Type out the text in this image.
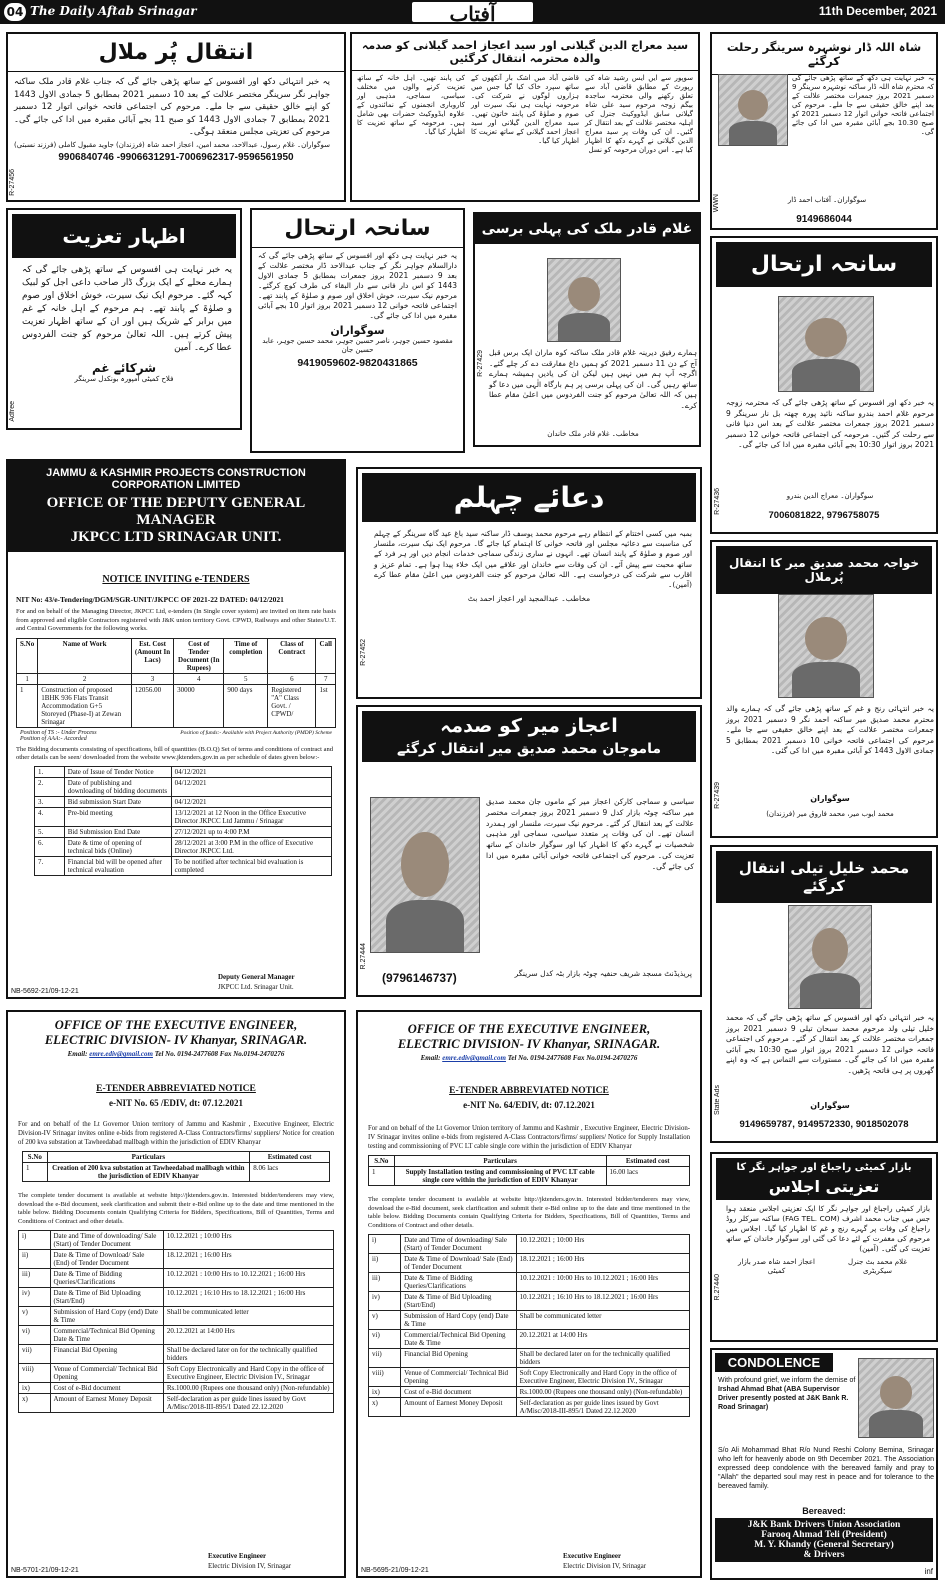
04 The Daily Aftab Srinagar	آفتاب	11th December, 2021
انتقال پُر ملال
یہ خبر انتہائی دکھ اور افسوس کے ساتھ پڑھی جائے گی کہ جناب غلام قادر ملک ساکنہ جواہر نگر سرینگر مختصر علالت کے بعد 10 دسمبر 2021 بمطابق 5 جمادی الاول 1443 کو اپنے خالق حقیقی سے جا ملے۔ مرحوم کی اجتماعی فاتحہ خوانی اتوار 12 دسمبر 2021 بمطابق 7 جمادی الاول 1443 کو صبح 11 بجے آبائی مقبرہ میں ادا کی جائے گی۔ مرحوم کی تعزیتی مجلس منعقد ہوگی۔
سوگواران۔ غلام رسول، عبدالاحد، محمد امین، اعجاز احمد شاہ (فرزندان) جاوید مقبول کاملی (فرزند نسبتی)
9906840746 -9906631291-7006962317-9596561950
R-27456
سید معراج الدین گیلانی اور سید اعجاز احمد گیلانی کو صدمہ والدہ محترمہ انتقال کرگئیں
سوپور سے ایں ایس رشید شاہ کی رپورٹ کے مطابق قاضی آباد سے تعلق رکھنے والی محترمہ ساجدہ بیگم زوجہ مرحوم سید علی شاہ گیلانی سابق ایڈووکیٹ جنرل کی اہلیہ مختصر علالت کے بعد انتقال کر گئیں۔ ان کی وفات پر سید معراج الدین گیلانی نے گہرے دکھ کا اظہار کیا ہے۔ اس دوران مرحومہ کو نسل
قاضی آباد میں اشک بار آنکھوں کے ساتھ سپرد خاک کیا گیا جس میں ہزاروں لوگوں نے شرکت کی۔ مرحومہ نہایت ہی نیک سیرت اور صوم و صلوٰۃ کی پابند خاتون تھیں۔ سید معراج الدین گیلانی اور سید اعجاز احمد گیلانی کے ساتھ تعزیت کا اظہار کیا گیا۔
کی پابند تھیں۔ اہل خانہ کے ساتھ تعزیت کرنے والوں میں مختلف سیاسی، سماجی، مذہبی اور کاروباری انجمنوں کے نمائندوں کے علاوہ ایڈووکیٹ حضرات بھی شامل ہیں۔ مرحومہ کے ساتھ تعزیت کا اظہار کیا گیا۔
شاہ اللہ ڈار نوشہرہ سرینگر رحلت کرگئے
یہ خبر نہایت ہی دکھ کے ساتھ پڑھی جائے گی کہ محترم شاہ اللہ ڈار ساکنہ نوشہرہ سرینگر 9 دسمبر 2021 بروز جمعرات مختصر علالت کے بعد اپنے خالق حقیقی سے جا ملے۔ مرحوم کی اجتماعی فاتحہ خوانی اتوار 12 دسمبر 2021 کو صبح 10.30 بجے آبائی مقبرہ میں ادا کی جائے گی۔
سوگواران۔ آفتاب احمد ڈار
9149686044
WWN
اظہار تعزیت
یہ خبر نہایت ہی افسوس کے ساتھ پڑھی جائے گی کہ ہمارے محلے کے ایک بزرگ ڈار صاحب داعی اجل کو لبیک کہہ گئے۔ مرحوم ایک نیک سیرت، خوش اخلاق اور صوم و صلوٰۃ کے پابند تھے۔ ہم مرحوم کے اہل خانہ کے غم میں برابر کے شریک ہیں اور ان کے ساتھ اظہار تعزیت پیش کرتے ہیں۔ اللہ تعالیٰ مرحوم کو جنت الفردوس عطا کرے۔ آمین
شرکائے غم
فلاح کمیٹی آمپورہ بونکدل سرینگر
Adfree
سانحہ ارتحال
یہ خبر نہایت ہی دکھ اور افسوس کے ساتھ پڑھی جائے گی کہ دارالسلام جواہر نگر کے جناب عبدالاحد ڈار مختصر علالت کے بعد 9 دسمبر 2021 بروز جمعرات بمطابق 5 جمادی الاول 1443 کو اس دار فانی سے دار البقاء کی طرف کوچ کرگئے۔ مرحوم نیک سیرت، خوش اخلاق اور صوم و صلوٰۃ کے پابند تھے۔ اجتماعی فاتحہ خوانی 12 دسمبر 2021 بروز اتوار 10 بجے آبائی مقبرہ میں ادا کی جائے گی۔
سوگواران
مقصود حسین جوہر، ناصر حسین جوہر، محمد حسین جوہر، عابد حسین جان
9419059602-9820431865
غلام قادر ملک کی پہلی برسی
ہمارے رفیق دیرینہ غلام قادر ملک ساکنہ کوہ ماران ایک برس قبل آج کے دن 11 دسمبر 2021 کو ہمیں داغ مفارقت دے کر چلے گئے۔ اگرچہ آپ ہم میں نہیں ہیں لیکن ان کی یادیں ہمیشہ ہمارے ساتھ رہیں گی۔ ان کی پہلی برسی پر ہم بارگاہ الٰہی میں دعا گو ہیں کہ اللہ تعالیٰ مرحوم کو جنت الفردوس میں اعلیٰ مقام عطا کرے۔
مخاطب۔ غلام قادر ملک خاندان
R-27429
سانحہ ارتحال
یہ خبر دکھ اور افسوس کے ساتھ پڑھی جائے گی کہ محترمہ زوجہ مرحوم غلام احمد بندرو ساکنہ نائید پورہ چھتہ بل نار سرینگر 9 دسمبر 2021 بروز جمعرات مختصر علالت کے بعد اس دنیا فانی سے رحلت کر گئیں۔ مرحومہ کی اجتماعی فاتحہ خوانی 12 دسمبر 2021 بروز اتوار 10:30 بجے آبائی مقبرہ میں ادا کی جائے گی۔
سوگواران۔ معراج الدین بندرو
7006081822, 9796758075
R-27436
JAMMU & KASHMIR PROJECTS CONSTRUCTION
CORPORATION LIMITED
OFFICE OF THE DEPUTY GENERAL MANAGER
JKPCC LTD SRINAGAR UNIT.
NOTICE INVITING e-TENDERS
NIT No: 43/e-Tendering/DGM/SGR-UNIT/JKPCC OF 2021-22 DATED: 04/12/2021
For and on behalf of the Managing Director, JKPCC Ltd, e-tenders (In Single cover system) are invited on item rate basis from approved and eligible Contractors registered with J&K union territory Govt. CPWD, Railways and other States/U.T. and Central Governments for the following works.
S.No	Name of Work	Est. Cost (Amount In Lacs)	Cost of Tender Document (In Rupees)	Time of completion	Class of Contract	Call
1	2	3	4	5	6	7
1	Construction of proposed 1BHK 936 Flats Transit Accommodation G+5 Storeyed (Phase-I) at Zewan Srinagar	12056.00	30000	900 days	Registered "A" Class Govt. / CPWD/	1st
Position of TS :- Under Process
Position of AAA:- Accorded
Position of funds:- Available with Project Authority (PMDP) Scheme
The Bidding documents consisting of specifications, bill of quantities (B.O.Q) Set of terms and conditions of contract and other details can be seen/ downloaded from the website www.jktenders.gov.in as per schedule of dates given below:-
1.	Date of Issue of Tender Notice	04/12/2021
2.	Date of publishing and downloading of bidding documents	04/12/2021
3.	Bid submission Start Date	04/12/2021
4.	Pre-bid meeting	13/12/2021 at 12 Noon in the Office Executive Director JKPCC Ltd Jammu / Srinagar
5.	Bid Submission End Date	27/12/2021 up to 4:00 P.M
6.	Date & time of opening of technical bids (Online)	28/12/2021 at 3:00 P.M in the office of Executive Director JKPCC Ltd.
7.	Financial bid will be opened after technical evaluation	To be notified after technical bid evaluation is completed
Deputy General Manager
JKPCC Ltd. Srinagar Unit.
NB-5692-21/09-12-21
دعائے چہلم
بمبہ میں کسی اختتام کے انتظام رہے مرحوم محمد یوسف ڈار ساکنہ سید باغ عید گاہ سرینگر کے چہلم کی مناسبت سے دعائیہ مجلس اور فاتحہ خوانی کا اہتمام کیا جائے گا۔ مرحوم ایک نیک سیرت، ملنسار اور صوم و صلوٰۃ کے پابند انسان تھے۔ انہوں نے ساری زندگی سماجی خدمات انجام دیں اور ہر فرد کے ساتھ محبت سے پیش آئے۔ ان کی وفات سے خاندان اور علاقے میں ایک خلاء پیدا ہوا ہے۔ تمام عزیز و اقارب سے شرکت کی درخواست ہے۔ اللہ تعالیٰ مرحوم کو جنت الفردوس میں اعلیٰ مقام عطا کرے (آمین)۔
مخاطب۔ عبدالمجید اور اعجاز احمد بٹ
R-27452
خواجہ محمد صدیق میر کا انتقال پُرملال
یہ خبر انتہائی رنج و غم کے ساتھ پڑھی جائے گی کہ ہمارے والد محترم محمد صدیق میر ساکنہ احمد نگر 9 دسمبر 2021 بروز جمعرات مختصر علالت کے بعد اپنے خالق حقیقی سے جا ملے۔ مرحوم کی اجتماعی فاتحہ خوانی 10 دسمبر 2021 بمطابق 5 جمادی الاول 1443 کو آبائی مقبرہ میں ادا کی گئی۔
سوگواران
محمد ایوب میر، محمد فاروق میر (فرزندان)
R-27439
اعجاز میر کو صدمہ
ماموجان محمد صدیق میر انتقال کرگئے
سیاسی و سماجی کارکن اعجاز میر کے ماموں جان محمد صدیق میر ساکنہ چوٹہ بازار کدل 9 دسمبر 2021 بروز جمعرات مختصر علالت کے بعد انتقال کر گئے۔ مرحوم نیک سیرت، ملنسار اور ہمدرد انسان تھے۔ ان کی وفات پر متعدد سیاسی، سماجی اور مذہبی شخصیات نے گہرے دکھ کا اظہار کیا اور سوگوار خاندان کے ساتھ تعزیت کی۔ مرحوم کی اجتماعی فاتحہ خوانی آبائی مقبرہ میں ادا کی جائے گی۔
(9796146737)	پریذیڈنٹ مسجد شریف حنفیہ چوٹہ بازار بٹہ کدل سرینگر
R.27444
محمد خلیل تیلی انتقال کرگئے
یہ خبر انتہائی دکھ اور افسوس کے ساتھ پڑھی جائے گی کہ محمد خلیل تیلی ولد مرحوم محمد سبحان تیلی 9 دسمبر 2021 بروز جمعرات مختصر علالت کے بعد انتقال کر گئے۔ مرحوم کی اجتماعی فاتحہ خوانی 12 دسمبر 2021 بروز اتوار صبح 10:30 بجے آبائی مقبرہ میں ادا کی جائے گی۔ مستورات سے التماس ہے کہ وہ اپنے گھروں پر ہی فاتحہ پڑھیں۔
سوگواران
9149659787, 9149572330, 9018502078
State Ads
OFFICE OF THE EXECUTIVE ENGINEER,
ELECTRIC DIVISION- IV Khanyar, SRINAGAR.
Email: emre.ediv@gmail.com Tel No. 0194-2477608 Fax No.0194-2470276
E-TENDER ABBREVIATED NOTICE
e-NIT No. 65 /EDIV, dt: 07.12.2021
For and on behalf of the Lt Governor Union territory of Jammu and Kashmir , Executive Engineer, Electric Division-IV Srinagar invites online e-bids from registered A-Class Contractors/firms/ suppliers/ Notice for creation of 200 kva substation at Tawheedabad mallbagh within the jurisdiction of EDIV Khanyar
S.No	Particulars	Estimated cost
1	Creation of 200 kva substation at Tawheedabad mallbagh within the jurisdiction of EDIV Khanyar	8.06 lacs
The complete tender document is available at website http://jktenders.gov.in. Interested bidder/tenderers may view, download the e-Bid document, seek clarification and submit their e-Bid online up to the date and time mentioned in the table below. Bidding Documents contain Qualifying Criteria for Bidders, Specifications, Bill of Quantities, Terms and Conditions of Contract and other details.
i)	Date and Time of downloading/ Sale (Start) of Tender Document	10.12.2021 ; 10:00 Hrs
ii)	Date & Time of Download/ Sale (End) of Tender Document	18.12.2021 ; 16:00 Hrs
iii)	Date & Time of Bidding Queries/Clarifications	10.12.2021 : 10:00 Hrs to 10.12.2021 ; 16:00 Hrs
iv)	Date & Time of Bid Uploading (Start/End)	10.12.2021 ; 16:10 Hrs to 18.12.2021 ; 16:00 Hrs
v)	Submission of Hard Copy (end) Date & Time	Shall be communicated letter
vi)	Commercial/Technical Bid Opening Date & Time	20.12.2021 at 14:00 Hrs
vii)	Financial Bid Opening	Shall be declared later on for the technically qualified bidders
viii)	Venue of Commercial/ Technical Bid Opening	Soft Copy Electronically and Hard Copy in the office of Executive Engineer, Electric Division IV., Srinagar
ix)	Cost of e-Bid document	Rs.1000.00 (Rupees one thousand only) (Non-refundable)
x)	Amount of Earnest Money Deposit	Self-declaration as per guide lines issued by Govt A/Misc/2018-III-895/1 Dated 22.12.2020
Executive Engineer
Electric Division IV, Srinagar
NB-5701-21/09-12-21
OFFICE OF THE EXECUTIVE ENGINEER,
ELECTRIC DIVISION- IV Khanyar, SRINAGAR.
Email: emre.ediv@gmail.com Tel No. 0194-2477608 Fax No.0194-2470276
E-TENDER ABBREVIATED NOTICE
e-NIT No. 64/EDIV, dt: 07.12.2021
For and on behalf of the Lt Governor Union territory of Jammu and Kashmir , Executive Engineer, Electric Division-IV Srinagar invites online e-bids from registered A-Class Contractors/firms/ suppliers/ Notice for Supply Installation testing and commissioning of PVC LT cable single core within the jurisdiction of EDIV Khanyar
S.No	Particulars	Estimated cost
1	Supply Installation testing and commissioning of PVC LT cable single core within the jurisdiction of EDIV Khanyar	16.00 lacs
The complete tender document is available at website http://jktenders.gov.in. Interested bidder/tenderers may view, download the e-Bid document, seek clarification and submit their e-Bid online up to the date and time mentioned in the table below. Bidding Documents contain Qualifying Criteria for Bidders, Specifications, Bill of Quantities, Terms and Conditions of Contract and other details.
i)	Date and Time of downloading/ Sale (Start) of Tender Document	10.12.2021 ; 10:00 Hrs
ii)	Date & Time of Download/ Sale (End) of Tender Document	18.12.2021 ; 16:00 Hrs
iii)	Date & Time of Bidding Queries/Clarifications	10.12.2021 : 10:00 Hrs to 10.12.2021 ; 16:00 Hrs
iv)	Date & Time of Bid Uploading (Start/End)	10.12.2021 ; 16:10 Hrs to 18.12.2021 ; 16:00 Hrs
v)	Submission of Hard Copy (end) Date & Time	Shall be communicated letter
vi)	Commercial/Technical Bid Opening Date & Time	20.12.2021 at 14:00 Hrs
vii)	Financial Bid Opening	Shall be declared later on for the technically qualified bidders
viii)	Venue of Commercial/ Technical Bid Opening	Soft Copy Electronically and Hard Copy in the office of Executive Engineer, Electric Division IV., Srinagar
ix)	Cost of e-Bid document	Rs.1000.00 (Rupees one thousand only) (Non-refundable)
x)	Amount of Earnest Money Deposit	Self-declaration as per guide lines issued by Govt A/Misc/2018-III-895/1 Dated 22.12.2020
Executive Engineer
Electric Division IV, Srinagar
NB-5695-21/09-12-21
بازار کمیٹی راجباغ اور جواہر نگر کا
تعزیتی اجلاس
بازار کمیٹی راجباغ اور جواہر نگر کا ایک تعزیتی اجلاس منعقد ہوا جس میں جناب محمد اشرف (FAG TEL. COM) ساکنہ سرکلر روڈ راجباغ کی وفات پر گہرے رنج و غم کا اظہار کیا گیا۔ اجلاس میں مرحوم کی مغفرت کے لئے دعا کی گئی اور سوگوار خاندان کے ساتھ تعزیت کی گئی۔ (آمین)
غلام محمد بٹ جنرل سیکریٹری
اعجاز احمد شاہ صدر بازار کمیٹی
R.27440
CONDOLENCE
With profound grief, we inform the demise of Irshad Ahmad Bhat (ABA Supervisor Driver presently posted at J&K Bank R. Road Srinagar)
S/o Ali Mohammad Bhat R/o Nund Reshi Colony Bemina, Srinagar who left for heavenly abode on 9th December 2021. The Association expressed deep condolence with the bereaved family and pray to "Allah" the departed soul may rest in peace and for tolerance to the bereaved family.
Bereaved:
J&K Bank Drivers Union Association
Farooq Ahmad Teli (President)
M. Y. Khandy (General Secretary)
& Drivers
inf
